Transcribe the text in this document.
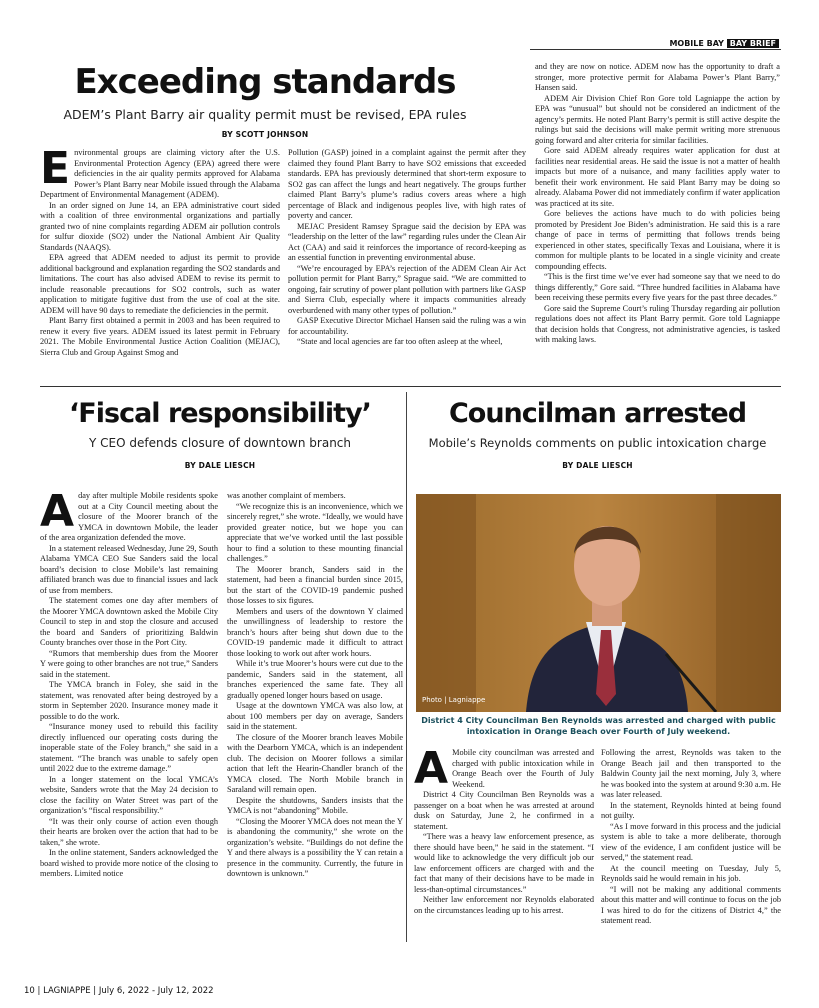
MOBILE BAY BAY BRIEF
Exceeding standards
ADEM’s Plant Barry air quality permit must be revised, EPA rules
BY SCOTT JOHNSON
E nvironmental groups are claiming victory after the U.S. Environmental Protection Agency (EPA) agreed there were deficiencies in the air quality permits approved for Alabama Power’s Plant Barry near Mobile issued through the Alabama Department of Environmental Management (ADEM).

In an order signed on June 14, an EPA administrative court sided with a coalition of three environmental organizations and partially granted two of nine complaints regarding ADEM air pollution controls for sulfur dioxide (SO2) under the National Ambient Air Quality Standards (NAAQS).

EPA agreed that ADEM needed to adjust its permit to provide additional background and explanation regarding the SO2 standards and limitations. The court has also advised ADEM to revise its permit to include reasonable precautions for SO2 controls, such as water application to mitigate fugitive dust from the use of coal at the site. ADEM will have 90 days to remediate the deficiencies in the permit.

Plant Barry first obtained a permit in 2003 and has been required to renew it every five years. ADEM issued its latest permit in February 2021. The Mobile Environmental Justice Action Coalition (MEJAC), Sierra Club and Group Against Smog and

Pollution (GASP) joined in a complaint against the permit after they claimed they found Plant Barry to have SO2 emissions that exceeded standards. EPA has previously determined that short-term exposure to SO2 gas can affect the lungs and heart negatively. The groups further claimed Plant Barry’s plume’s radius covers areas where a high percentage of Black and indigenous peoples live, with high rates of poverty and cancer.

MEJAC President Ramsey Sprague said the decision by EPA was “leadership on the letter of the law” regarding rules under the Clean Air Act (CAA) and said it reinforces the importance of record-keeping as an essential function in preventing environmental abuse.

“We’re encouraged by EPA’s rejection of the ADEM Clean Air Act pollution permit for Plant Barry,” Sprague said. “We are committed to ongoing, fair scrutiny of power plant pollution with partners like GASP and Sierra Club, especially where it impacts communities already overburdened with many other types of pollution.”

GASP Executive Director Michael Hansen said the ruling was a win for accountability.

“State and local agencies are far too often asleep at the wheel,

and they are now on notice. ADEM now has the opportunity to draft a stronger, more protective permit for Alabama Power’s Plant Barry,” Hansen said.

ADEM Air Division Chief Ron Gore told Lagniappe the action by EPA was “unusual” but should not be considered an indictment of the agency’s permits. He noted Plant Barry’s permit is still active despite the rulings but said the decisions will make permit writing more strenuous going forward and alter criteria for similar facilities.

Gore said ADEM already requires water application for dust at facilities near residential areas. He said the issue is not a matter of health impacts but more of a nuisance, and many facilities apply water to benefit their work environment. He said Plant Barry may be doing so already. Alabama Power did not immediately confirm if water application was practiced at its site.

Gore believes the actions have much to do with policies being promoted by President Joe Biden’s administration. He said this is a rare change of pace in terms of permitting that follows trends being experienced in other states, specifically Texas and Louisiana, where it is common for multiple plants to be located in a single vicinity and create compounding effects.

“This is the first time we’ve ever had someone say that we need to do things differently,” Gore said. “Three hundred facilities in Alabama have been receiving these permits every five years for the past three decades.”

Gore said the Supreme Court’s ruling Thursday regarding air pollution regulations does not affect its Plant Barry permit. Gore told Lagniappe that decision holds that Congress, not administrative agencies, is tasked with making laws.

‘Fiscal responsibility’
Y CEO defends closure of downtown branch
BY DALE LIESCH
A day after multiple Mobile residents spoke out at a City Council meeting about the closure of the Moorer branch of the YMCA in downtown Mobile, the leader of the area organization defended the move.

In a statement released Wednesday, June 29, South Alabama YMCA CEO Sue Sanders said the local board’s decision to close Mobile’s last remaining affiliated branch was due to financial issues and lack of use from members.

The statement comes one day after members of the Moorer YMCA downtown asked the Mobile City Council to step in and stop the closure and accused the board and Sanders of prioritizing Baldwin County branches over those in the Port City.

“Rumors that membership dues from the Moorer Y were going to other branches are not true,” Sanders said in the statement.

The YMCA branch in Foley, she said in the statement, was renovated after being destroyed by a storm in September 2020. Insurance money made it possible to do the work.

“Insurance money used to rebuild this facility directly influenced our operating costs during the inoperable state of the Foley branch,” she said in a statement. “The branch was unable to safely open until 2022 due to the extreme damage.”

In a longer statement on the local YMCA’s website, Sanders wrote that the May 24 decision to close the facility on Water Street was part of the organization’s “fiscal responsibility.”

“It was their only course of action even though their hearts are broken over the action that had to be taken,” she wrote.

In the online statement, Sanders acknowledged the board wished to provide more notice of the closing to members. Limited notice

was another complaint of members.

“We recognize this is an inconvenience, which we sincerely regret,” she wrote. “Ideally, we would have provided greater notice, but we hope you can appreciate that we’ve worked until the last possible hour to find a solution to these mounting financial challenges.”

The Moorer branch, Sanders said in the statement, had been a financial burden since 2015, but the start of the COVID-19 pandemic pushed those losses to six figures.

Members and users of the downtown Y claimed the unwillingness of leadership to restore the branch’s hours after being shut down due to the COVID-19 pandemic made it difficult to attract those looking to work out after work hours.

While it’s true Moorer’s hours were cut due to the pandemic, Sanders said in the statement, all branches experienced the same fate. They all gradually opened longer hours based on usage.

Usage at the downtown YMCA was also low, at about 100 members per day on average, Sanders said in the statement.

The closure of the Moorer branch leaves Mobile with the Dearborn YMCA, which is an independent club. The decision on Moorer follows a similar action that left the Hearin-Chandler branch of the YMCA closed. The North Mobile branch in Saraland will remain open.

Despite the shutdowns, Sanders insists that the YMCA is not “abandoning” Mobile.

“Closing the Moorer YMCA does not mean the Y is abandoning the community,” she wrote on the organization’s website. “Buildings do not define the Y and there always is a possibility the Y can retain a presence in the community. Currently, the future in downtown is unknown.”

Councilman arrested
Mobile’s Reynolds comments on public intoxication charge
BY DALE LIESCH
Photo | Lagniappe
District 4 City Councilman Ben Reynolds was arrested and charged with public intoxication in Orange Beach over Fourth of July weekend.
A Mobile city councilman was arrested and charged with public intoxication while in Orange Beach over the Fourth of July Weekend.

District 4 City Councilman Ben Reynolds was a passenger on a boat when he was arrested at around dusk on Saturday, June 2, he confirmed in a statement.

“There was a heavy law enforcement presence, as there should have been,” he said in the statement. “I would like to acknowledge the very difficult job our law enforcement officers are charged with and the fact that many of their decisions have to be made in less-than-optimal circumstances.”

Neither law enforcement nor Reynolds elaborated on the circumstances leading up to his arrest.

Following the arrest, Reynolds was taken to the Orange Beach jail and then transported to the Baldwin County jail the next morning, July 3, where he was booked into the system at around 9:30 a.m. He was later released.

In the statement, Reynolds hinted at being found not guilty.

“As I move forward in this process and the judicial system is able to take a more deliberate, thorough view of the evidence, I am confident justice will be served,” the statement read.

At the council meeting on Tuesday, July 5, Reynolds said he would remain in his job.

“I will not be making any additional comments about this matter and will continue to focus on the job I was hired to do for the citizens of District 4,” the statement read.

10 | LAGNIAPPE | July 6, 2022 - July 12, 2022
